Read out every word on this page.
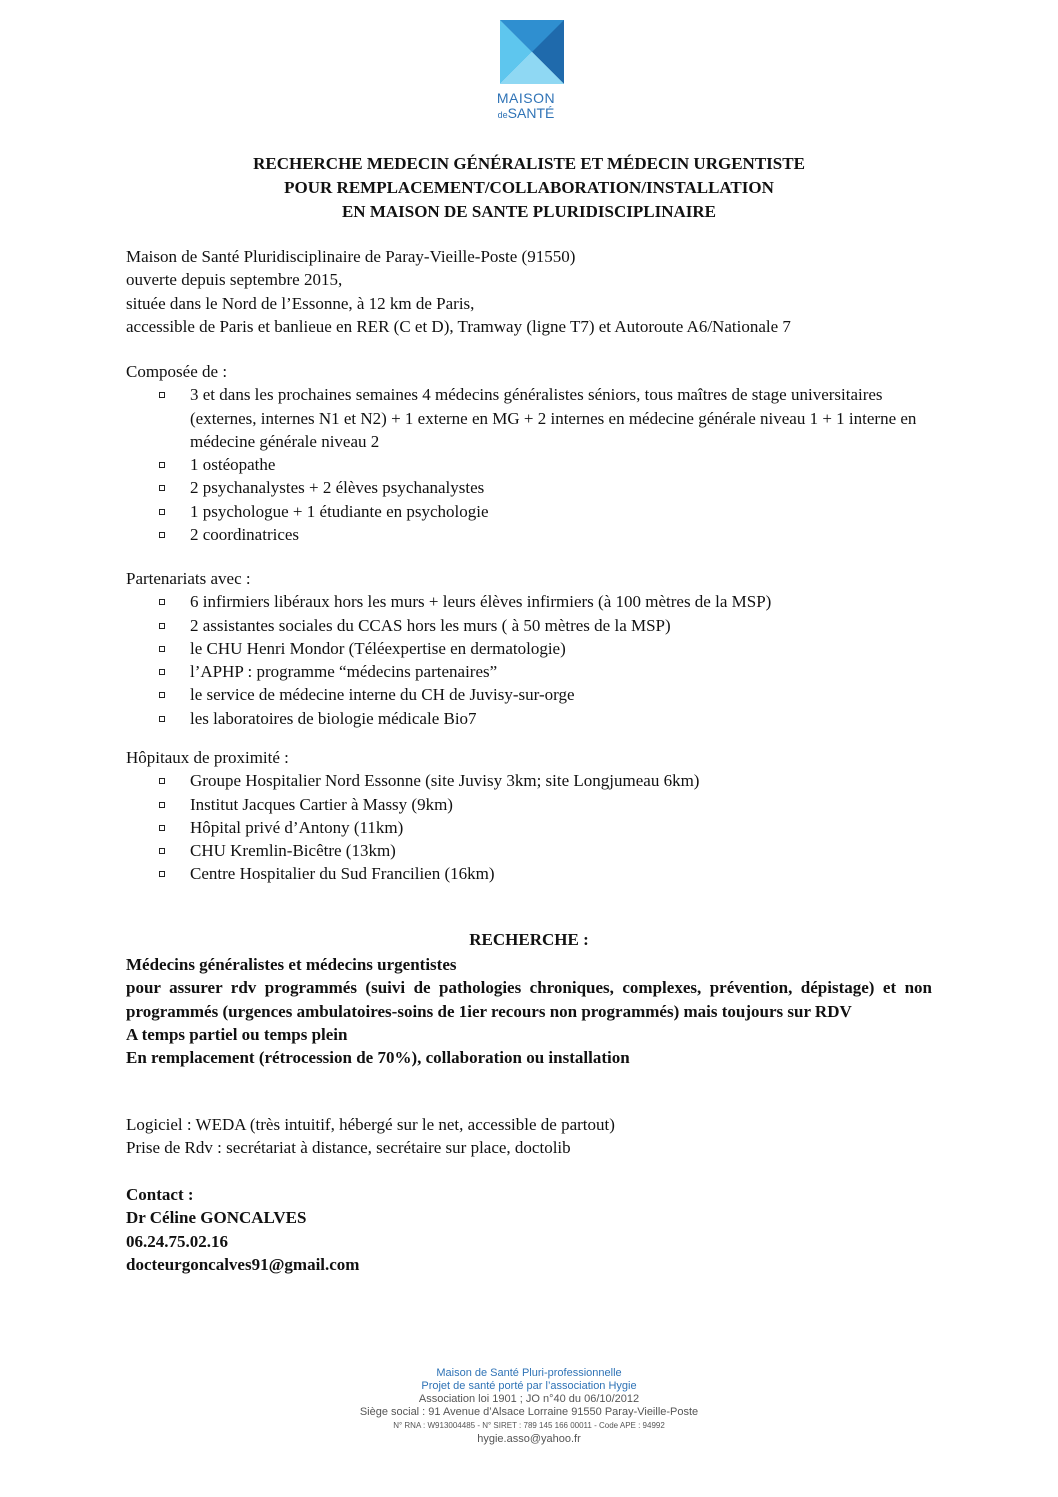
MAISON
deSANTÉ
RECHERCHE MEDECIN GÉNÉRALISTE ET MÉDECIN URGENTISTE
POUR REMPLACEMENT/COLLABORATION/INSTALLATION
EN MAISON DE SANTE PLURIDISCIPLINAIRE

Maison de Santé Pluridisciplinaire de Paray-Vieille-Poste (91550)

ouverte depuis septembre 2015,

située dans le Nord de l’Essonne, à 12 km de Paris,

accessible de Paris et banlieue en RER (C et D), Tramway (ligne T7) et Autoroute A6/Nationale 7

Composée de :

3 et dans les prochaines semaines 4 médecins généralistes séniors, tous maîtres de stage universitaires (externes, internes N1 et N2) + 1 externe en MG + 2 internes en médecine générale niveau 1 + 1 interne en médecine générale niveau 2
1 ostéopathe
2 psychanalystes + 2 élèves psychanalystes
1 psychologue + 1 étudiante en psychologie
2 coordinatrices

Partenariats avec :

6 infirmiers libéraux hors les murs + leurs élèves infirmiers (à 100 mètres de la MSP)
2 assistantes sociales du CCAS hors les murs ( à 50 mètres de la MSP)
le CHU Henri Mondor (Téléexpertise en dermatologie)
l’APHP : programme “médecins partenaires”
le service de médecine interne du CH de Juvisy-sur-orge
les laboratoires de biologie médicale Bio7

Hôpitaux de proximité :

Groupe Hospitalier Nord Essonne (site Juvisy 3km; site Longjumeau 6km)
Institut Jacques Cartier à Massy (9km)
Hôpital privé d’Antony (11km)
CHU Kremlin-Bicêtre (13km)
Centre Hospitalier du Sud Francilien (16km)
RECHERCHE :

Médecins généralistes et médecins urgentistes

pour assurer rdv programmés (suivi de pathologies chroniques, complexes, prévention, dépistage) et non programmés (urgences ambulatoires-soins de 1ier recours non programmés) mais toujours sur RDV

A temps partiel ou temps plein

En remplacement (rétrocession de 70%), collaboration ou installation

Logiciel : WEDA (très intuitif, hébergé sur le net, accessible de partout)

Prise de Rdv : secrétariat à distance, secrétaire sur place, doctolib

Contact :

Dr Céline GONCALVES

06.24.75.02.16

docteurgoncalves91@gmail.com

Maison de Santé Pluri-professionnelle

Projet de santé porté par l’association Hygie

Association loi 1901 ; JO n°40 du 06/10/2012

Siège social : 91 Avenue d’Alsace Lorraine 91550 Paray-Vieille-Poste

N° RNA : W913004485 - N° SIRET : 789 145 166 00011 - Code APE : 94992

hygie.asso@yahoo.fr
